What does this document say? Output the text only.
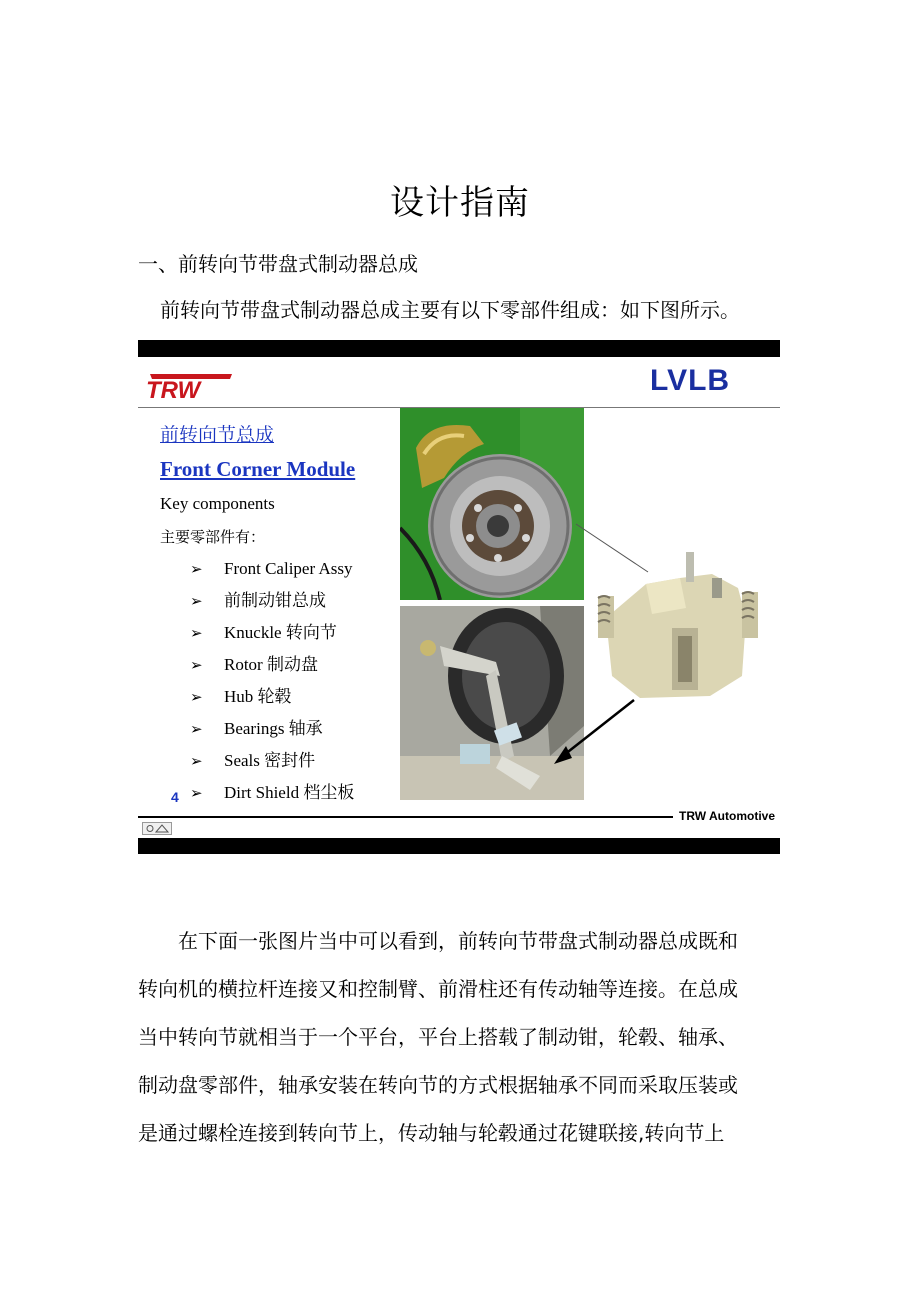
设计指南
一、前转向节带盘式制动器总成
前转向节带盘式制动器总成主要有以下零部件组成：如下图所示。
TRW	LVLB
前转向节总成
Front Corner Module
Key components
主要零部件有：
➢ Front Caliper Assy
➢ 前制动钳总成
➢ Knuckle 转向节
➢ Rotor 制动盘
➢ Hub 轮毂
➢ Bearings 轴承
➢ Seals 密封件
➢ Dirt Shield 档尘板
4
TRW Automotive
在下面一张图片当中可以看到，前转向节带盘式制动器总成既和
转向机的横拉杆连接又和控制臂、前滑柱还有传动轴等连接。在总成
当中转向节就相当于一个平台，平台上搭载了制动钳，轮毂、轴承、
制动盘零部件，轴承安装在转向节的方式根据轴承不同而采取压装或
是通过螺栓连接到转向节上，传动轴与轮毂通过花键联接,转向节上
